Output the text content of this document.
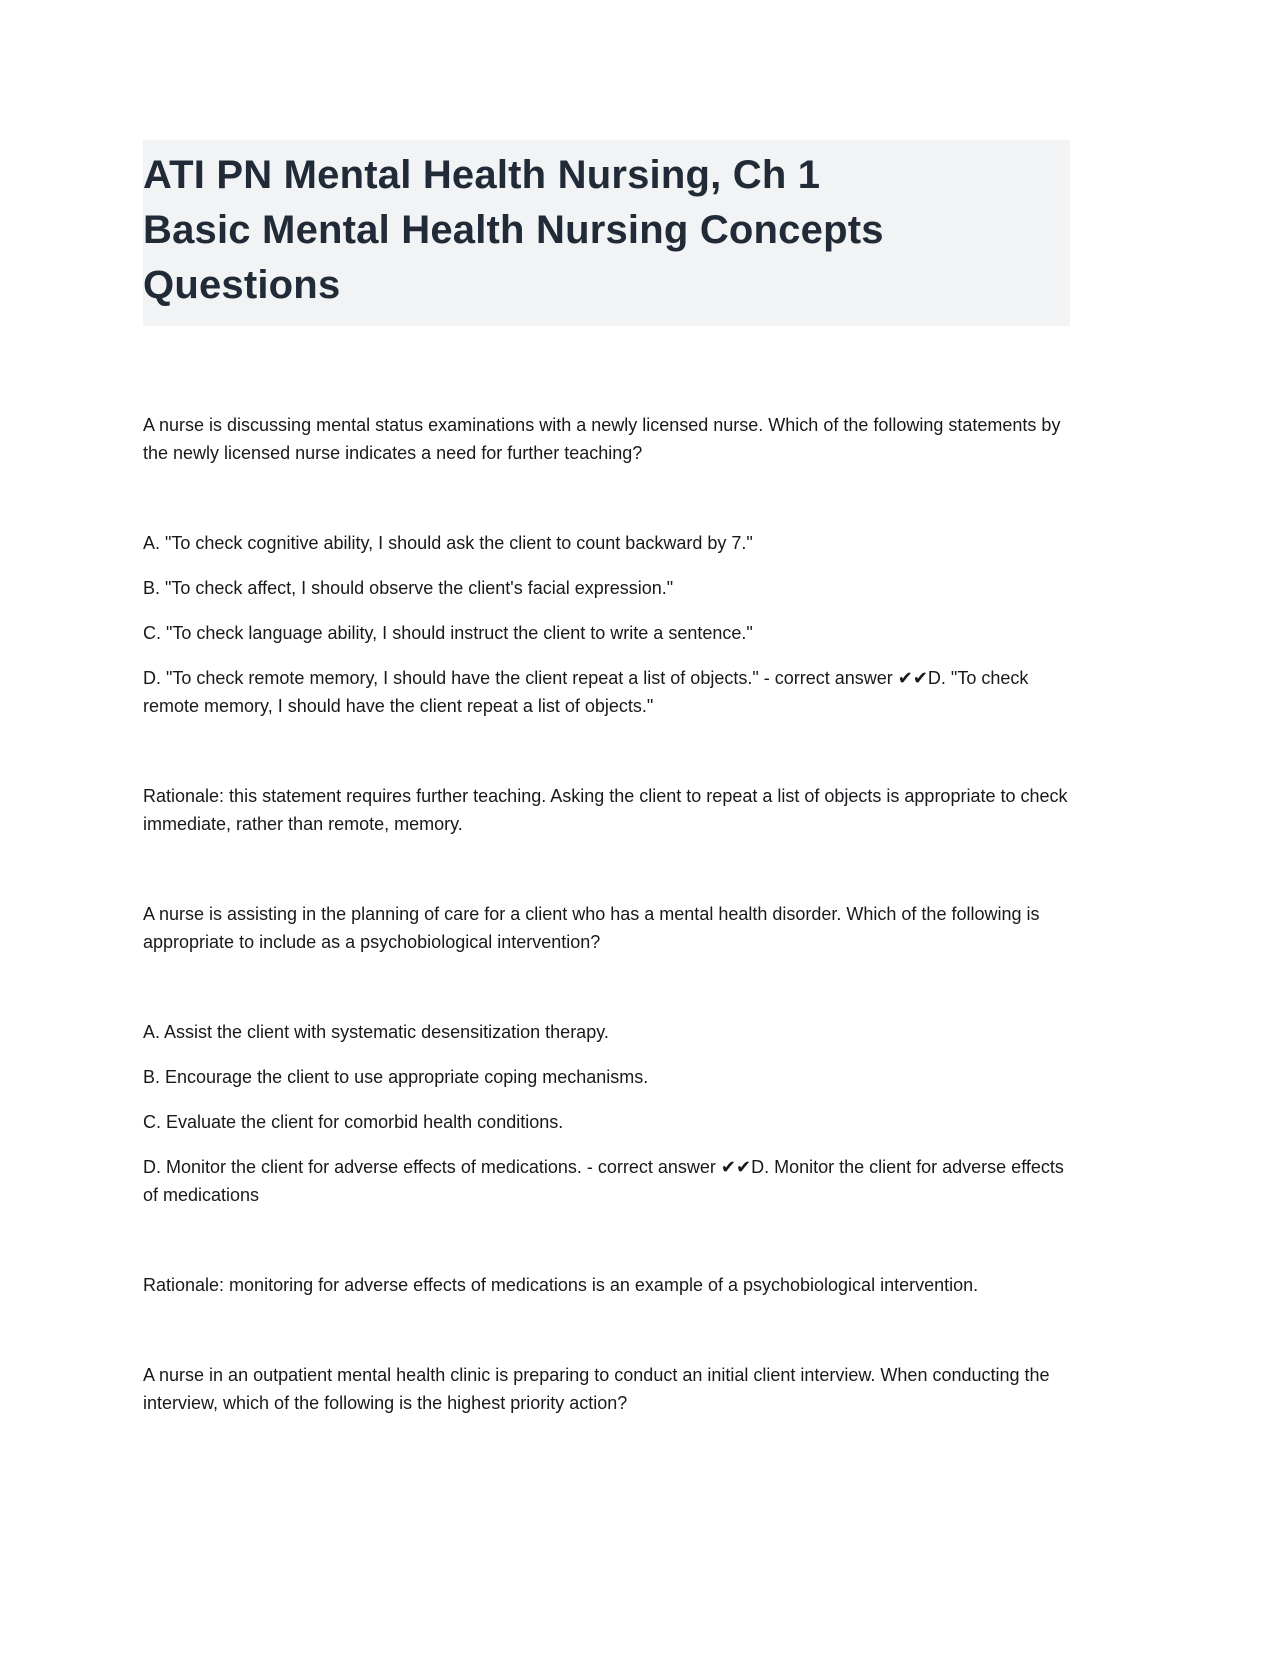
ATI PN Mental Health Nursing, Ch 1
Basic Mental Health Nursing Concepts
Questions

A nurse is discussing mental status examinations with a newly licensed nurse. Which of the following statements by the newly licensed nurse indicates a need for further teaching?

A. "To check cognitive ability, I should ask the client to count backward by 7."

B. "To check affect, I should observe the client's facial expression."

C. "To check language ability, I should instruct the client to write a sentence."

D. "To check remote memory, I should have the client repeat a list of objects." - correct answer ✔✔D. "To check remote memory, I should have the client repeat a list of objects."

Rationale: this statement requires further teaching. Asking the client to repeat a list of objects is appropriate to check immediate, rather than remote, memory.

A nurse is assisting in the planning of care for a client who has a mental health disorder. Which of the following is appropriate to include as a psychobiological intervention?

A. Assist the client with systematic desensitization therapy.

B. Encourage the client to use appropriate coping mechanisms.

C. Evaluate the client for comorbid health conditions.

D. Monitor the client for adverse effects of medications. - correct answer ✔✔D. Monitor the client for adverse effects of medications

Rationale: monitoring for adverse effects of medications is an example of a psychobiological intervention.

A nurse in an outpatient mental health clinic is preparing to conduct an initial client interview. When conducting the interview, which of the following is the highest priority action?
